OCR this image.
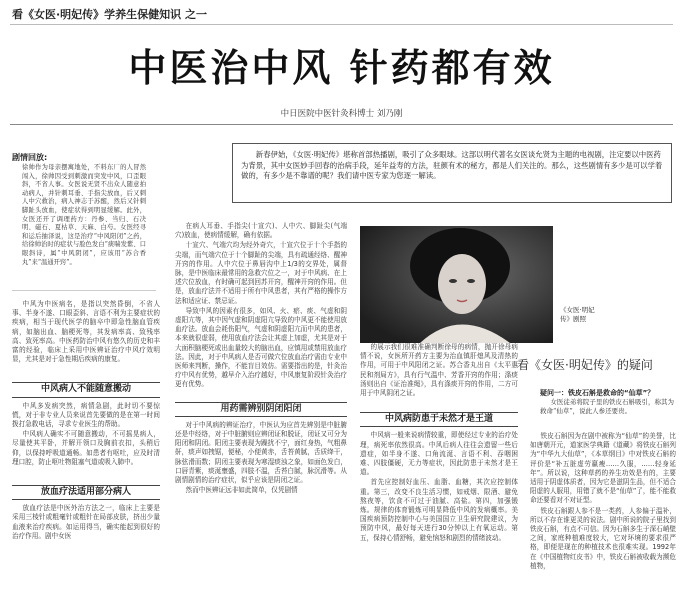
看《女医·明妃传》学养生保健知识 之一
中医治中风 针药都有效
中日医院中医针灸科博士 刘乃刚
剧情回放:
徐帅作为母亲摆寓地处，不料东厂的人冒然闯入，徐帅因受到刺激而突发中风，口歪眼斜，不省人事。女医说无贤不出众人随意拍动病人，并针刺耳垂、手指尖放血，后又刺人中穴救治，病人神志于苏醒，然后又针刺脚趾头放血，使症状得到明显缓解。此外，女医还开了调理药方：丹参、当归、石决明、磁石、夏枯草、天麻、白芍。女医经寻和运后抽泽说，这是治疗“中风阳闭”之药，给徐帅治时的症状与脸色发白“痰喘发紫、口眼斜诗，属“中风阴闭”，应该用“苏合香丸”来“温通开窍”。

新春伊始，《女医·明妃传》堪称首部热播剧，吸引了众多眼球。这部以明代著名女医谈允贤为主题的电视剧，注定要以中医药为背景，其中女医妙手回春的治病手段，延年益寿的方法，驻颜有术的秘方，都是人们关注的。那么，这些剧情有多少是可以学着做的，有多少是不靠谱的呢？我们请中医专家为您逐一解读。

中风为中医病名，是指以突然昏倒，不省人事、半身不遂、口眼歪斜、言语不利为主要症状的疾病，相当于现代医学的脑卒中即急性脑血管疾病，如脑出血、脑梗死等，其发病率高、致残率高、致死率高。中医药防治中风有悠久的历史和丰富的经验，临床上采用中医辨证治疗中风疗效明显，尤其是对于急性期后疾病的康复。

中风病人不能随意搬动

中风多发病突然，病情急剧，此时切不要惊慌，对于非专业人员来说首先要做的是在第一时间拨打急救电话，寻求专业医生的帮助。

中风病人确实不可随意搬动，不可摇晃病人，尽量使其平卧，并解开领口及胸前衣扣，头稍后仰，以保持呼吸道通畅。如患者有呕吐，应及时清理口腔，防止呕吐物阻塞气道或吸入肺中。

放血疗法适用部分病人

放血疗法是中医外治方法之一，临床上主要是采用三棱针或粗毫针或粗针在局部皮肤，挤出少量血液来治疗疾病。如运用得当，确实能起到很好的治疗作用。剧中女医

在病人耳垂、手指尖(十宣穴)、人中穴、脚趾尖(气端穴)放血，使病情缓解，确有依据。

十宣穴、气端穴均为经外奇穴，十宣穴位于十个手指的尖端，而气端穴位于十个脚趾的尖端，具有疏通经络、醒神开窍的作用。人中穴位于鼻唇沟中上1/3的交界处，属督脉，是中医临床最常用的急救穴位之一，对于中风病、在上述穴位放血，有时确可起到回苏开窍，醒神开窍的作用。但是，放血疗法并不适用于所有中风患者，其有严格的操作方法和适应证、禁忌证。

导致中风的因素有很多，如风、火、瘀、痰、气虚和阴虚阳亢等，其中因气虚和阴虚阳亢导致的中风更不能使用放血疗法。放血会耗伤阳气，气虚和阴虚阳亢而中风的患者，本来就很虚弱，使用放血疗法会让其虚上加虚，尤其是对于大面积脑梗死或出血量较大的脑出血，应慎用或禁用放血疗法。因此，对于中风病人是否可做穴位放血治疗需由专业中医师来判断，操作，不能盲目效仿。需要指出的是，针灸治疗中风有优势，越早介入治疗越好，中风康复阶段针灸治疗更有优势。

用药需辨别阴闭阳闭

对于中风病的辨证治疗，中医认为应首先辨别是中脏腑还是中经络，对于中脏腑则应辨闭证和脱证，闭证又可分为阳闭和阴闭。阳闭主要表现为躁扰不宁，面红身热，气粗鼻鼾，痰声如拽锯，便秘，小便黄赤，舌苔黄腻，舌质绛干，脉弦滑而数；阴闭主要表现为寒湿痰浊之象，如面色发白，口唇青紫，痰涎壅盛，四肢不温，舌苔白腻，脉沉滑等。从剧情剧情的治疗症状，似乎应该是阴闭之证。

然而中医辨证远非如此简单，仅凭剧情

《女医·明妃传》剧照

的展示我们很难准确判断徐母的病情，抛开徐母病情不说，女医所开药方主要为治血镇肝熄风及清热的作用，可用于中风阳闭之证。苏合香丸出自《太平惠民和剂局方》，具有行气温中、芳香开窍的作用；涤痰汤则出自《证治准绳》，具有涤痰开窍的作用，二方可用于中风阴闭之证。

中风病防患于未然才是王道

中风病一般来说病情较重，即使经过专业的治疗处理，病死率依然很高。中风后病人往往会遗留一些后遗症，如半身不遂、口角流涎、言语不利、吞咽困难、四肢僵硬，无力等症状，因此防患于未然才是王道。

首先应控制好血压、血脂、血糖，其次应控制体重。第三，改变不良生活习惯，如戒烟、限酒、避免熬夜等，饮食不可过于油腻、高盐。第四，加强锻炼。规律的体育锻炼可明显降低中风的发病概率。美国疾病预防控制中心与美国国立卫生研究院建议，为预防中风，最好每天进行30分钟以上有氧运动。第五，保持心情舒畅，避免恼怒和剧烈的情绪波动。

看《女医·明妃传》的疑问
疑问一：铁皮石斛是救命的“仙草”？
女医徒弟将院子里的铁皮石斛吸引，称其为救命“仙草”，说此人参还要贵。

铁皮石斛因为在剧中被称为“仙草”的美誉，比如唐朝开元，道家医学典籍《道藏》将铁皮石斛列为“中华九大仙草”，《本草纲目》中对铁皮石斛的评价是“补五脏虚劳羸瘦……久服，……轻身延年”。所以说，这种草药的养生功效是有的，主要适用于阴虚体质者，因为它是滋阴生品，但不适合阳虚的人服用，用错了就不是“仙草”了，能不能救命还要看对不对证型。

铁皮石斛跟人参不是一类药，人参偏于温补，所以不存在谁更灵的说法。剧中所说的院子里找到铁皮石斛，有点不可信。因为石斛多生于深石峭壁之间，家庭种植难度较大，它对环境的要求很严格，即便是现在的种植技术也很难实现。1992年在《中国植物红皮书》中，铁皮石斛被收载为濒危植物，
